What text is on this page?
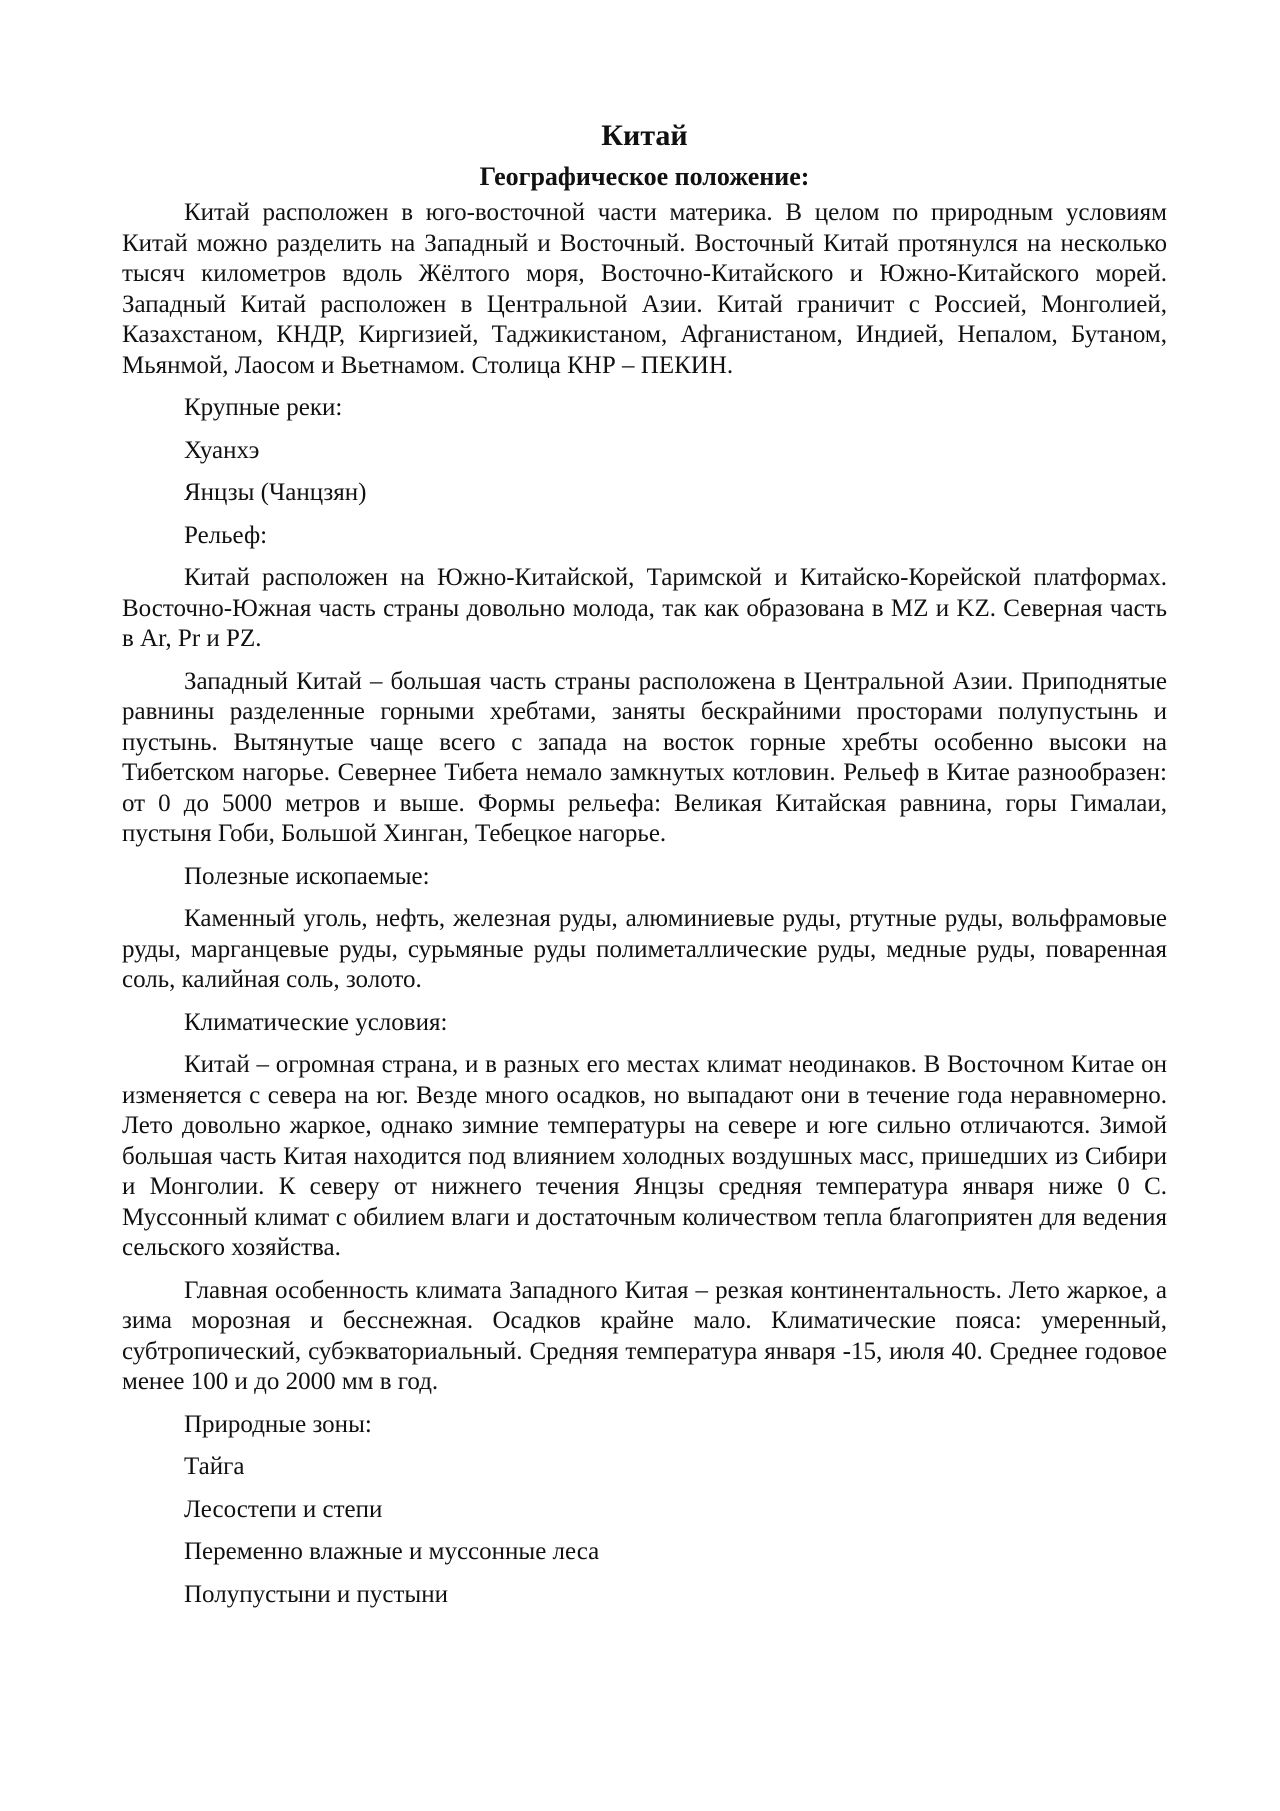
Китай
Географическое положение:

Китай расположен в юго-восточной части материка. В целом по природным условиям Китай можно разделить на Западный и Восточный. Восточный Китай протянулся на несколько тысяч километров вдоль Жёлтого моря, Восточно-Китайского и Южно-Китайского морей. Западный Китай расположен в Центральной Азии. Китай граничит с Россией, Монголией, Казахстаном, КНДР, Киргизией, Таджикистаном, Афганистаном, Индией, Непалом, Бутаном, Мьянмой, Лаосом и Вьетнамом. Столица КНР – ПЕКИН.

Крупные реки:

Хуанхэ

Янцзы (Чанцзян)

Рельеф:

Китай расположен на Южно-Китайской, Таримской и Китайско-Корейской платформах. Восточно-Южная часть страны довольно молода, так как образована в MZ и KZ. Северная часть в Ar, Pr и PZ.

Западный Китай – большая часть страны расположена в Центральной Азии. Приподнятые равнины разделенные горными хребтами, заняты бескрайними просторами полупустынь и пустынь. Вытянутые чаще всего с запада на восток горные хребты особенно высоки на Тибетском нагорье. Севернее Тибета немало замкнутых котловин. Рельеф в Китае разнообразен: от 0 до 5000 метров и выше. Формы рельефа: Великая Китайская равнина, горы Гималаи, пустыня Гоби, Большой Хинган, Тебецкое нагорье.

Полезные ископаемые:

Каменный уголь, нефть, железная руды, алюминиевые руды, ртутные руды, вольфрамовые руды, марганцевые руды, сурьмяные руды полиметаллические руды, медные руды, поваренная соль, калийная соль, золото.

Климатические условия:

Китай – огромная страна, и в разных его местах климат неодинаков. В Восточном Китае он изменяется с севера на юг. Везде много осадков, но выпадают они в течение года неравномерно. Лето довольно жаркое, однако зимние температуры на севере и юге сильно отличаются. Зимой большая часть Китая находится под влиянием холодных воздушных масс, пришедших из Сибири и Монголии. К северу от нижнего течения Янцзы средняя температура января ниже 0 С. Муссонный климат с обилием влаги и достаточным количеством тепла благоприятен для ведения сельского хозяйства.

Главная особенность климата Западного Китая – резкая континентальность. Лето жаркое, а зима морозная и бесснежная. Осадков крайне мало. Климатические пояса: умеренный, субтропический, субэкваториальный. Средняя температура января -15, июля 40. Среднее годовое менее 100 и до 2000 мм в год.

Природные зоны:

Тайга

Лесостепи и степи

Переменно влажные и муссонные леса

Полупустыни и пустыни
